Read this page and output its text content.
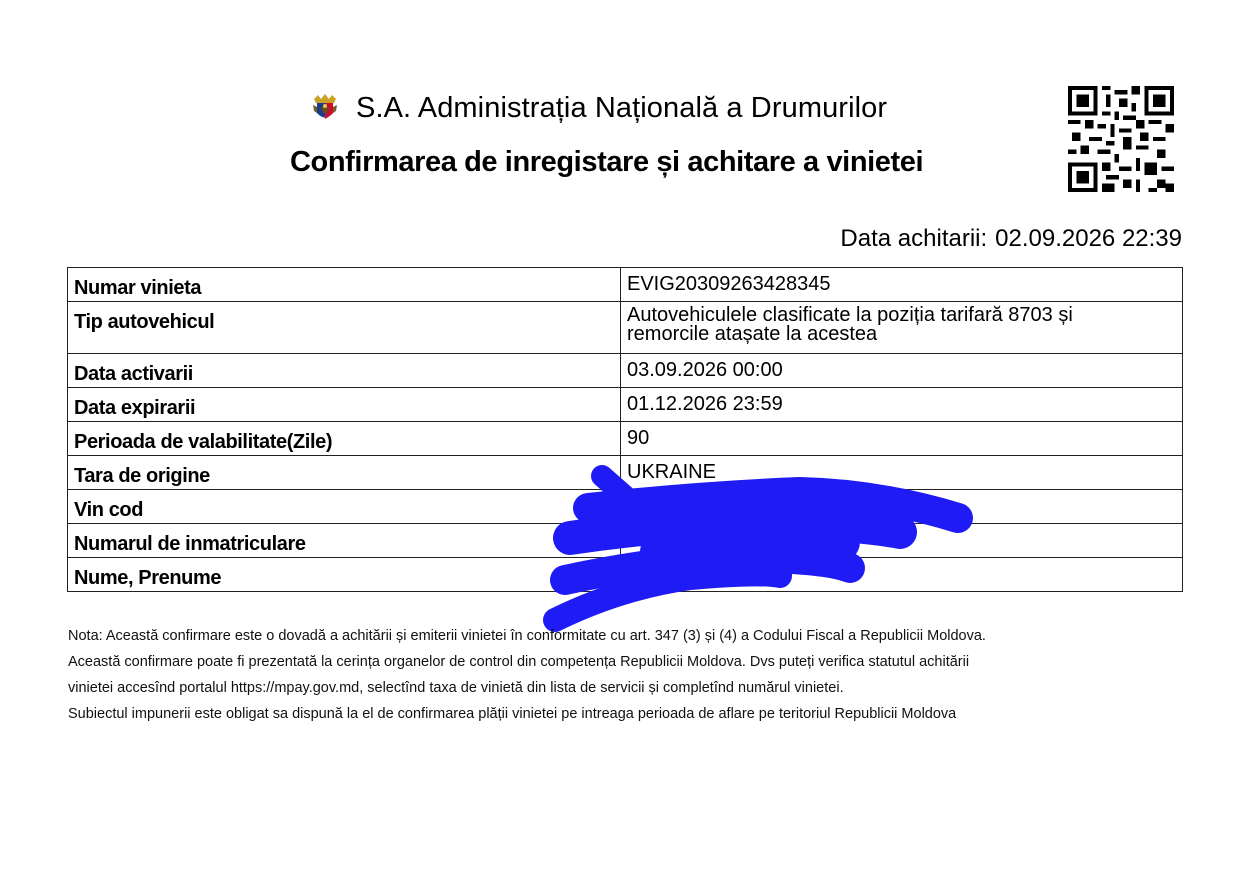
S.A. Administrația Națională a Drumurilor
Confirmarea de inregistare și achitare a vinietei
Data achitarii: 02.09.2026 22:39
Numar vinieta	EVIG20309263428345
Tip autovehicul	Autovehiculele clasificate la poziția tarifară 8703 și
remorcile atașate la acestea

Data activarii	03.09.2026 00:00
Data expirarii	01.12.2026 23:59
Perioada de valabilitate(Zile)	90
Tara de origine	UKRAINE
Vin cod	
Numarul de inmatriculare	
Nume, Prenume	

Nota: Această confirmare este o dovadă a achitării și emiterii vinietei în conformitate cu art. 347 (3) și (4) a Codului Fiscal a Republicii Moldova.

Această confirmare poate fi prezentată la cerința organelor de control din competența Republicii Moldova. Dvs puteți verifica statutul achitării

vinietei accesînd portalul https://mpay.gov.md, selectînd taxa de vinietă din lista de servicii și completînd numărul vinietei.

Subiectul impunerii este obligat sa dispună la el de confirmarea plății vinietei pe intreaga perioada de aflare pe teritoriul Republicii Moldova
